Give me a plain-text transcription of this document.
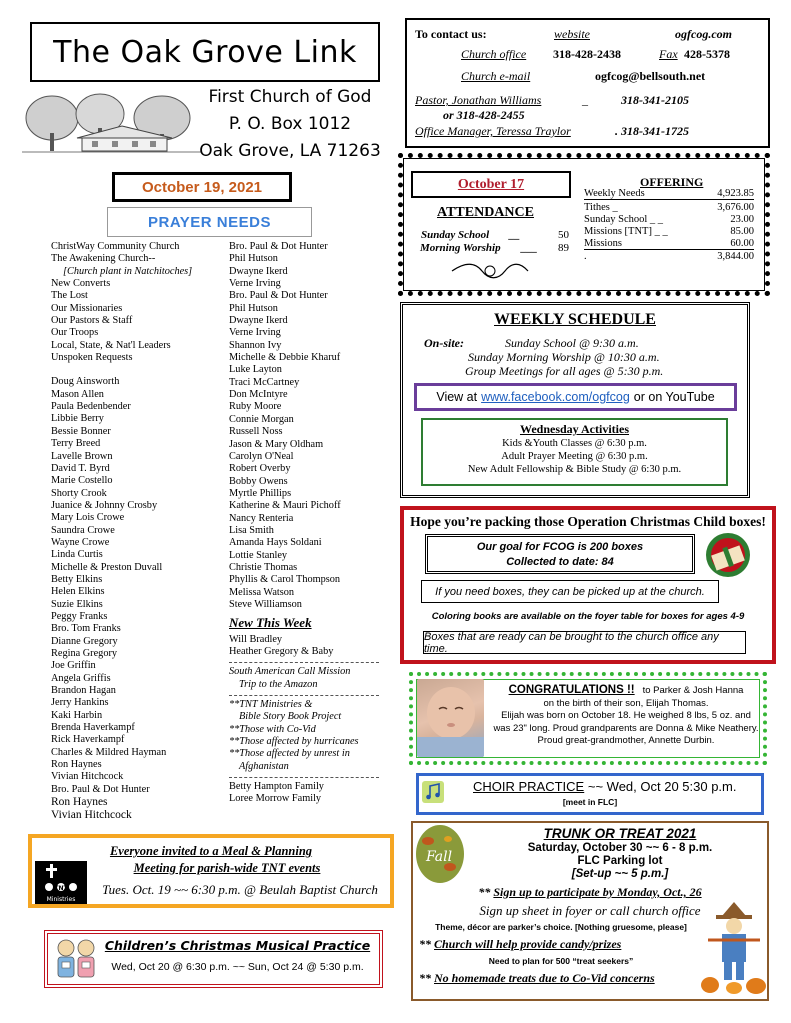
The Oak Grove Link
First Church of God
P. O. Box 1012
Oak Grove, LA 71263
October 19, 2021
PRAYER NEEDS
ChristWay Community Church
The Awakening Church--
[Church plant in Natchitoches]
New Converts
The Lost
Our Missionaries
Our Pastors & Staff
Our Troops
Local, State, & Nat'l Leaders
Unspoken Requests
Doug Ainsworth
Mason Allen
Paula Bedenbender
Libbie Berry
Bessie Bonner
Terry Breed
Lavelle Brown
David T. Byrd
Marie Costello
Shorty Crook
Juanice & Johnny Crosby
Mary Lois Crowe
Saundra Crowe
Wayne Crowe
Linda Curtis
Michelle & Preston Duvall
Betty Elkins
Helen Elkins
Suzie Elkins
Peggy Franks
Bro. Tom Franks
Dianne Gregory
Regina Gregory
Joe Griffin
Angela Griffis
Brandon Hagan
Jerry Hankins
Kaki Harbin
Brenda Haverkampf
Rick Haverkampf
Charles & Mildred Hayman
Ron Haynes
Vivian Hitchcock
Bro. Paul & Dot Hunter
Ron Haynes
Vivian Hitchcock
Bro. Paul & Dot Hunter
Phil Hutson
Dwayne Ikerd
Verne Irving
Bro. Paul & Dot Hunter
Phil Hutson
Dwayne Ikerd
Verne Irving
Shannon Ivy
Michelle & Debbie Kharuf
Luke Layton
Traci McCartney
Don McIntyre
Ruby Moore
Connie Morgan
Russell Noss
Jason & Mary Oldham
Carolyn O'Neal
Robert Overby
Bobby Owens
Myrtle Phillips
Katherine & Mauri Pichoff
Nancy Renteria
Lisa Smith
Amanda Hays Soldani
Lottie Stanley
Christie Thomas
Phyllis & Carol Thompson
Melissa Watson
Steve Williamson
New This Week
Will Bradley
Heather Gregory & Baby
South American Call Mission
Trip to the Amazon
**TNT Ministries &
Bible Story Book Project
**Those with Co-Vid
**Those affected by hurricanes
**Those affected by unrest in
Afghanistan
Betty Hampton Family
Loree Morrow Family
To contact us:	website	ogfcog.com
Church office 318-428-2438	Fax 428-5378
Church e-mail	ogfcog@bellsouth.net
Pastor, Jonathan Williams	_	318-341-2105
or 318-428-2455
Office Manager, Teressa Traylor	. 318-341-1725
October 17
ATTENDANCE
Sunday School __	50
Morning Worship ___ 89
OFFERING
Weekly Needs	4,923.85
Tithes _	3,676.00
Sunday School _ _	23.00
Missions [TNT] _ _	85.00
Missions	60.00
.	3,844.00
WEEKLY SCHEDULE
On-site:	Sunday School @ 9:30 a.m.
Sunday Morning Worship @ 10:30 a.m.
Group Meetings for all ages @ 5:30 p.m.
View at www.facebook.com/ogfcog or on YouTube
Wednesday Activities
Kids &Youth Classes @ 6:30 p.m.
Adult Prayer Meeting @ 6:30 p.m.
New Adult Fellowship & Bible Study @ 6:30 p.m.
Hope you’re packing those Operation Christmas Child boxes!
Our goal for FCOG is 200 boxes
Collected to date: 84
If you need boxes, they can be picked up at the church.
Coloring books are available on the foyer table for boxes for ages 4-9
Boxes that are ready can be brought to the church office any time.
CONGRATULATIONS !! to Parker & Josh Hanna
on the birth of their son, Elijah Thomas.
Elijah was born on October 18. He weighed 8 lbs, 5 oz. and
was 23" long. Proud grandparents are Donna & Mike Neathery.
Proud great-grandmother, Annette Durbin.
CHOIR PRACTICE ~~ Wed, Oct 20 5:30 p.m.
[meet in FLC]
Fall
TRUNK OR TREAT 2021
Saturday, October 30 ~~ 6 - 8 p.m.
FLC Parking lot
[Set-up ~~ 5 p.m.]
** Sign up to participate by Monday, Oct., 26
Sign up sheet in foyer or call church office
Theme, décor are parker’s choice. [Nothing gruesome, please]
** Church will help provide candy/prizes
Need to plan for 500 “treat seekers”
** No homemade treats due to Co-Vid concerns
Everyone invited to a Meal & Planning
Meeting for parish-wide TNT events
TNT
Ministries
Tues. Oct. 19 ~~ 6:30 p.m. @ Beulah Baptist Church
Children’s Christmas Musical Practice
Wed, Oct 20 @ 6:30 p.m. ~~ Sun, Oct 24 @ 5:30 p.m.
